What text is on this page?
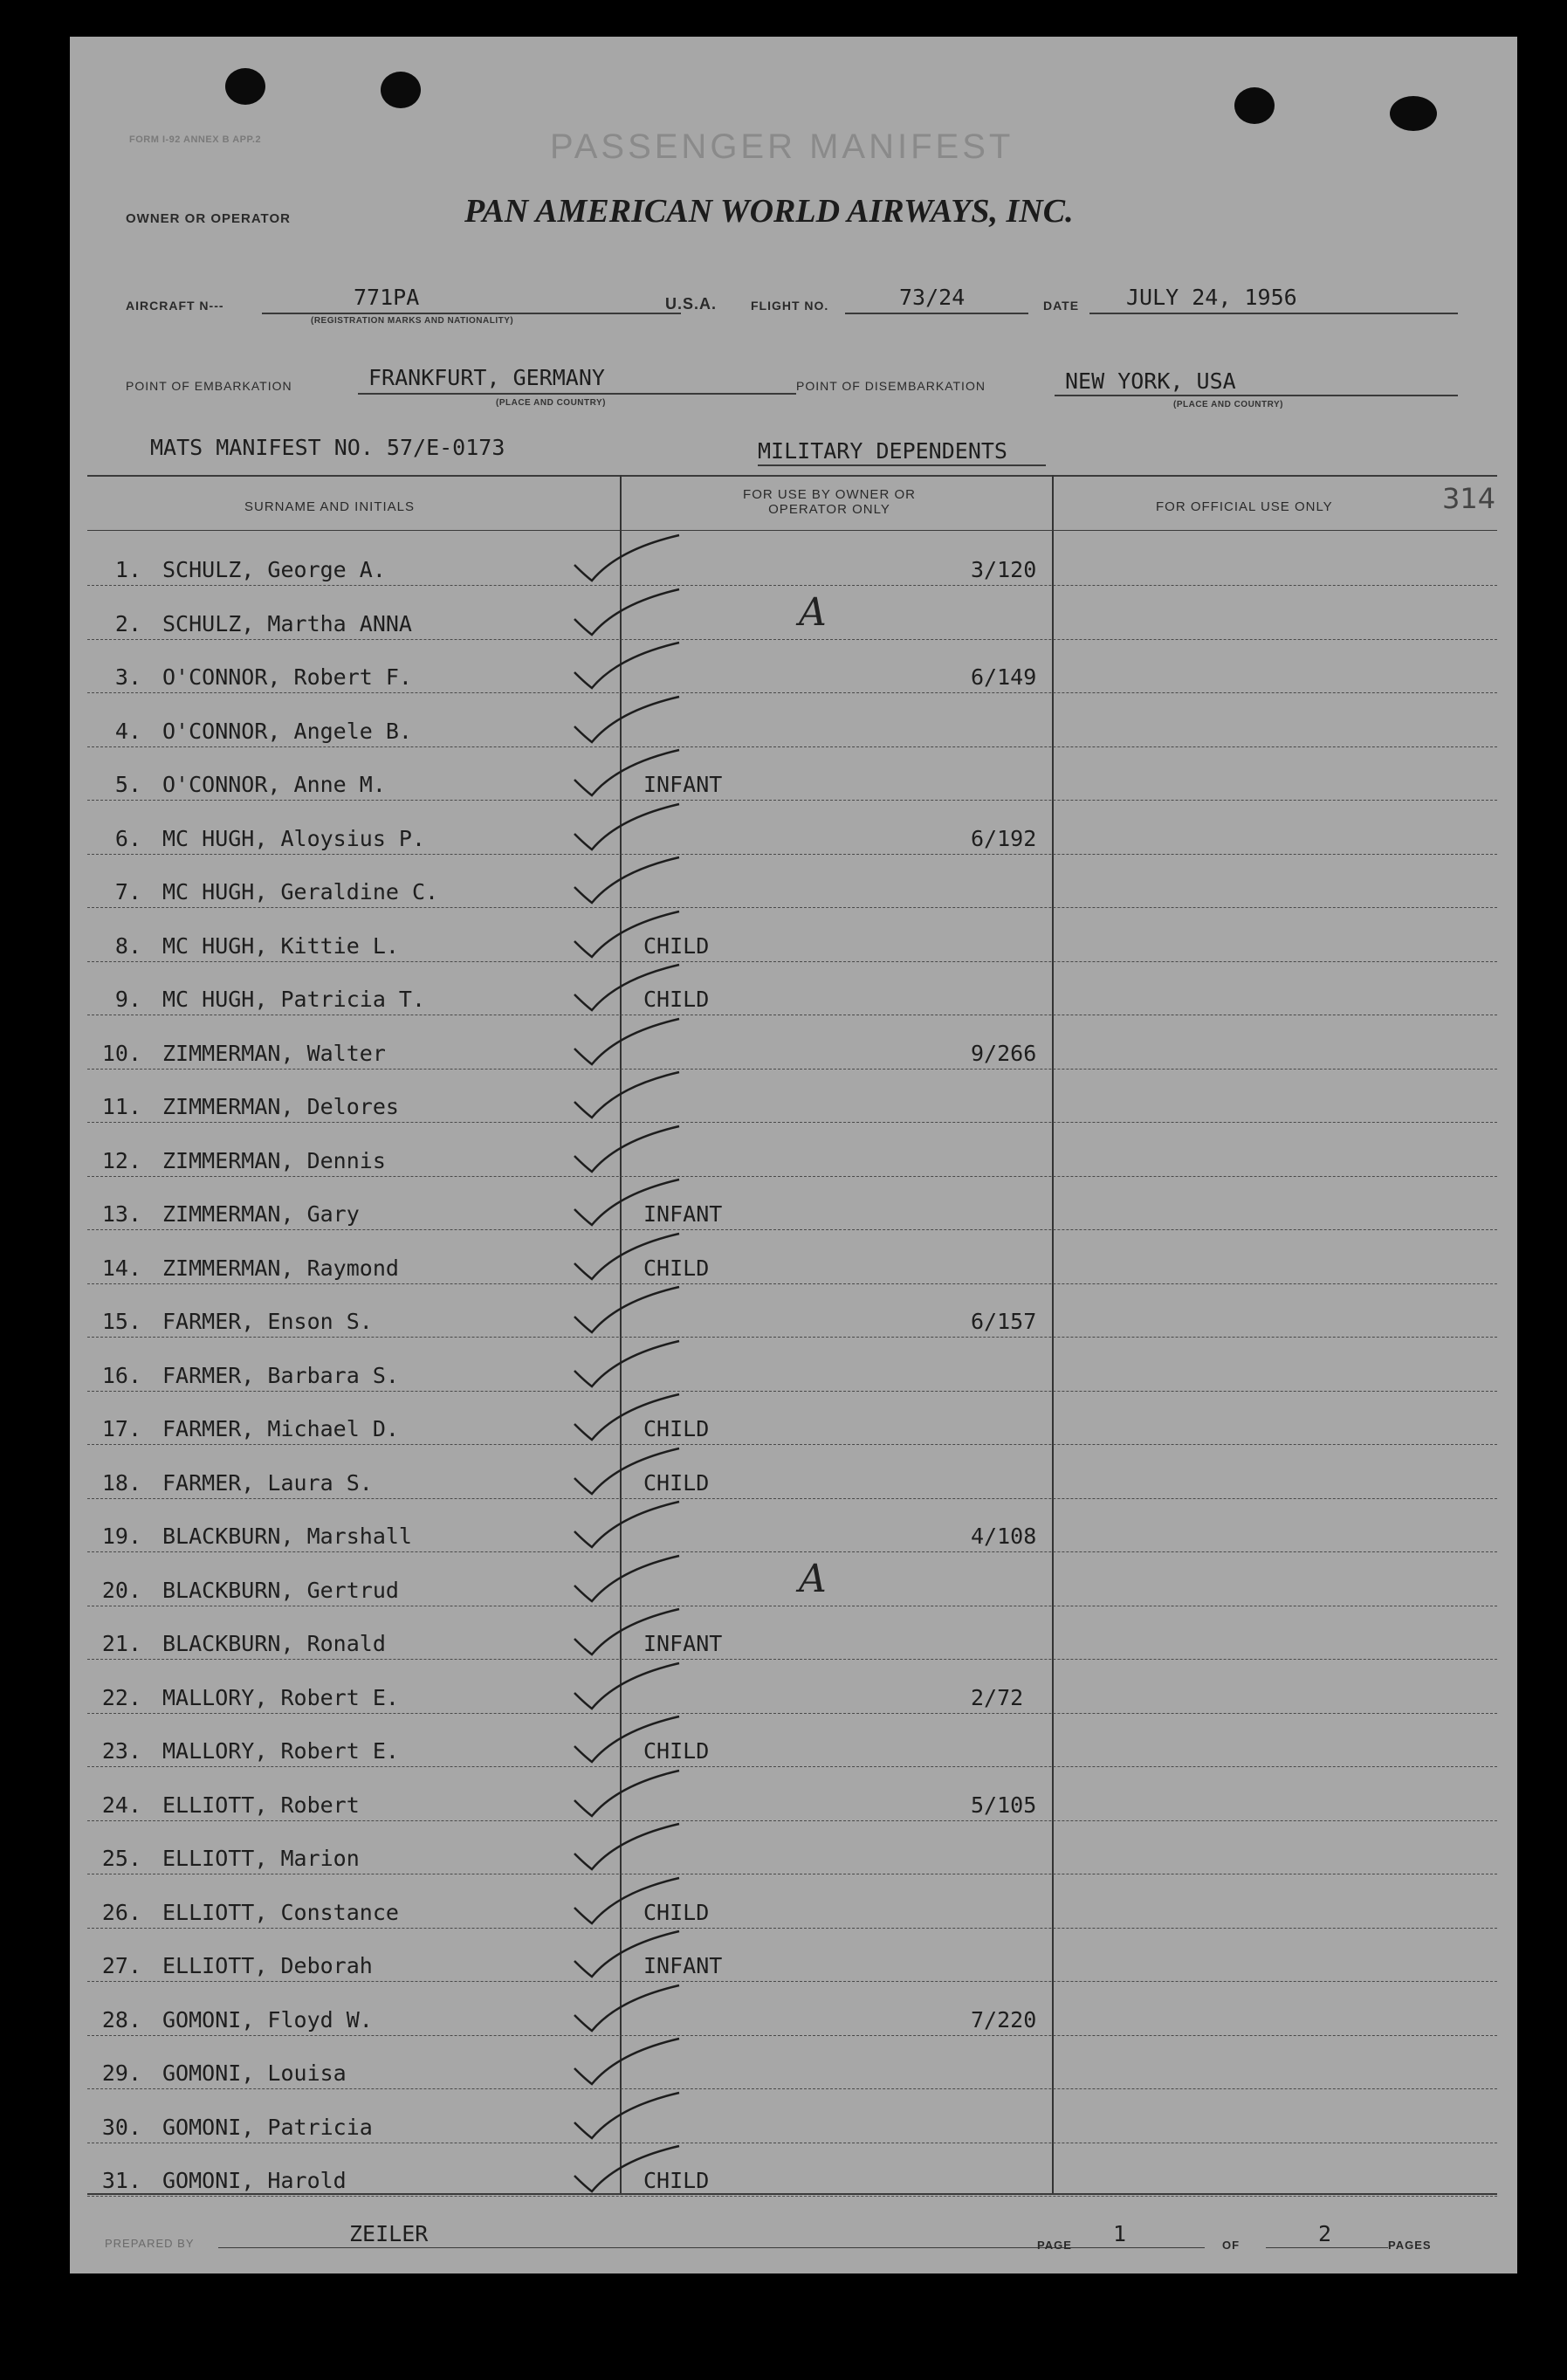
FORM I-92 ANNEX B APP.2	PASSENGER MANIFEST
OWNER OR OPERATOR	PAN AMERICAN WORLD AIRWAYS, INC.
AIRCRAFT N---	771PA
(REGISTRATION MARKS AND NATIONALITY)
U.S.A.	FLIGHT NO.	73/24	DATE JULY 24, 1956
POINT OF EMBARKATION	FRANKFURT, GERMANY
(PLACE AND COUNTRY)
POINT OF DISEMBARKATION	NEW YORK, USA
(PLACE AND COUNTRY)
MATS MANIFEST NO. 57/E-0173	MILITARY DEPENDENTS
314
SURNAME AND INITIALS
FOR USE BY OWNER OR OPERATOR ONLY	FOR OFFICIAL USE ONLY
1. SCHULZ, George A.	3/120
2. SCHULZ, Martha ANNA	A
3. O'CONNOR, Robert F.	6/149
4. O'CONNOR, Angele B.
5. O'CONNOR, Anne M.	INFANT
6. MC HUGH, Aloysius P.	6/192
7. MC HUGH, Geraldine C.
8. MC HUGH, Kittie L.	CHILD
9. MC HUGH, Patricia T.	CHILD
10. ZIMMERMAN, Walter	9/266
11. ZIMMERMAN, Delores
12. ZIMMERMAN, Dennis
13. ZIMMERMAN, Gary	INFANT
14. ZIMMERMAN, Raymond	CHILD
15. FARMER, Enson S.	6/157
16. FARMER, Barbara S.
17. FARMER, Michael D.	CHILD
18. FARMER, Laura S.	CHILD
19. BLACKBURN, Marshall	4/108
20. BLACKBURN, Gertrud	A
21. BLACKBURN, Ronald	INFANT
22. MALLORY, Robert E.	2/72
23. MALLORY, Robert E.	CHILD
24. ELLIOTT, Robert	5/105
25. ELLIOTT, Marion
26. ELLIOTT, Constance	CHILD
27. ELLIOTT, Deborah	INFANT
28. GOMONI, Floyd W.	7/220
29. GOMONI, Louisa
30. GOMONI, Patricia
31. GOMONI, Harold	CHILD
PREPARED BY	ZEILER	PAGE 1	OF	2	PAGES
